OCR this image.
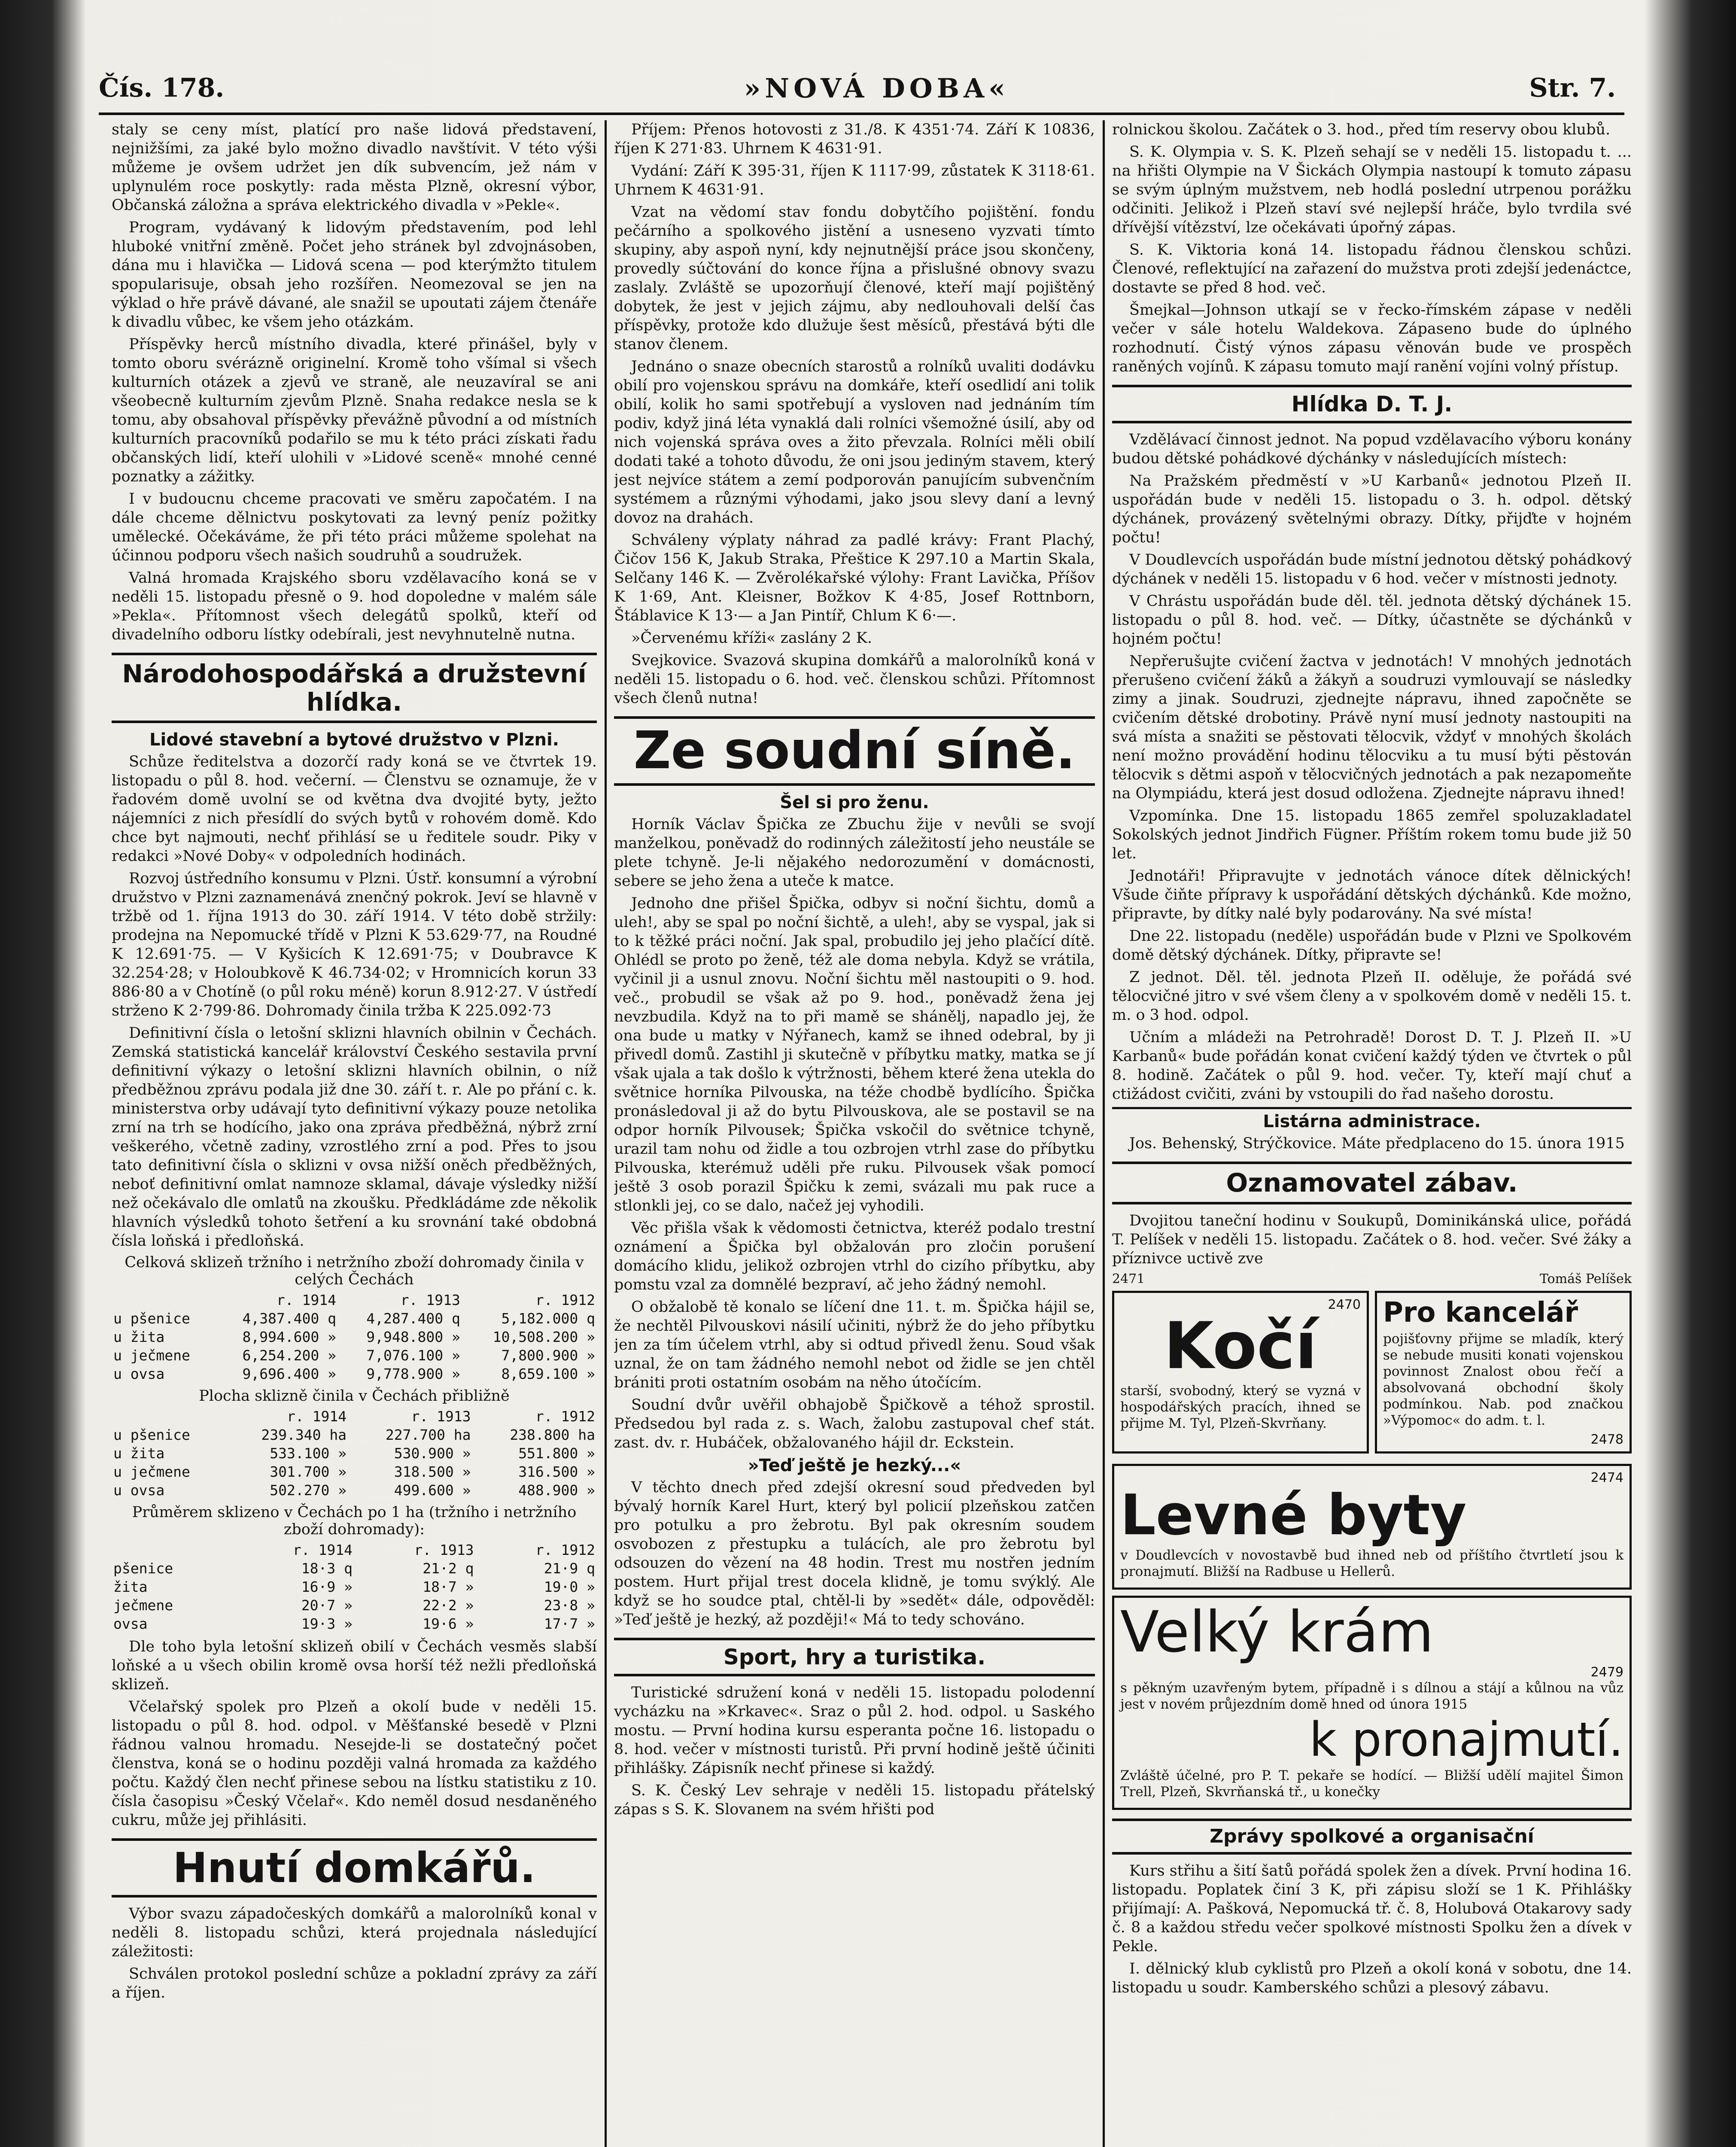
Čís. 178.	»NOVÁ DOBA«	Str. 7.

staly se ceny míst, platící pro naše lidová představení, nejnižšími, za jaké bylo možno divadlo navštívit. V této výši můžeme je ovšem udržet jen dík subvencím, jež nám v uplynulém roce poskytly: rada města Plzně, okresní výbor, Občanská záložna a správa elektrického divadla v »Pekle«.

Program, vydávaný k lidovým představením, pod lehl hluboké vnitřní změně. Počet jeho stránek byl zdvojnásoben, dána mu i hlavička — Lidová scena — pod kterýmžto titulem spopularisuje, obsah jeho rozšířen. Neomezoval se jen na výklad o hře právě dávané, ale snažil se upoutati zájem čtenáře k divadlu vůbec, ke všem jeho otázkám.

Příspěvky herců místního divadla, které přinášel, byly v tomto oboru svérázně originelní. Kromě toho všímal si všech kulturních otázek a zjevů ve straně, ale neuzavíral se ani všeobecně kulturním zjevům Plzně. Snaha redakce nesla se k tomu, aby obsahoval příspěvky převážně původní a od místních kulturních pracovníků podařilo se mu k této práci získati řadu občanských lidí, kteří ulohili v »Lidové sceně« mnohé cenné poznatky a zážitky.

I v budoucnu chceme pracovati ve směru započatém. I na dále chceme dělnictvu poskytovati za levný peníz požitky umělecké. Očekáváme, že při této práci můžeme spolehat na účinnou podporu všech našich soudruhů a soudružek.

Valná hromada Krajského sboru vzdělavacího koná se v neděli 15. listopadu přesně o 9. hod dopoledne v malém sále »Pekla«. Přítomnost všech delegátů spolků, kteří od divadelního odboru lístky odebírali, jest nevyhnutelně nutna.

Národohospodářská a družstevní hlídka.
Lidové stavební a bytové družstvo v Plzni.

Schůze ředitelstva a dozorčí rady koná se ve čtvrtek 19. listopadu o půl 8. hod. večerní. — Členstvu se oznamuje, že v řadovém domě uvolní se od května dva dvojité byty, ježto nájemníci z nich přesídlí do svých bytů v rohovém domě. Kdo chce byt najmouti, nechť přihlásí se u ředitele soudr. Piky v redakci »Nové Doby« v odpoledních hodinách.

Rozvoj ústředního konsumu v Plzni. Ústř. konsumní a výrobní družstvo v Plzni zaznamenává znenčný pokrok. Jeví se hlavně v tržbě od 1. října 1913 do 30. září 1914. V této době stržily: prodejna na Nepomucké třídě v Plzni K 53.629·77, na Roudné K 12.691·75. — V Kyšicích K 12.691·75; v Doubravce K 32.254·28; v Holoubkově K 46.734·02; v Hromnicích korun 33 886·80 a v Chotíně (o půl roku méně) korun 8.912·27. V ústředí strženo K 2·799·86. Dohromady činila tržba K 225.092·73

Definitivní čísla o letošní sklizni hlavních obilnin v Čechách. Zemská statistická kancelář království Českého sestavila první definitivní výkazy o letošní sklizni hlavních obilnin, o níž předběžnou zprávu podala již dne 30. září t. r. Ale po přání c. k. ministerstva orby udávají tyto definitivní výkazy pouze netolika zrní na trh se hodícího, jako ona zpráva předběžná, nýbrž zrní veškerého, včetně zadiny, vzrostlého zrní a pod. Přes to jsou tato definitivní čísla o sklizni v ovsa nižší oněch předběžných, neboť definitivní omlat namnoze sklamal, dávaje výsledky nižší než očekávalo dle omlatů na zkoušku. Předkládáme zde několik hlavních výsledků tohoto šetření a ku srovnání také obdobná čísla loňská i předloňská.

Celková sklizeň tržního i netržního zboží dohromady činila v celých Čechách
	r. 1914	r. 1913	r. 1912
u pšenice	4,387.400 q	4,287.400 q	5,182.000 q
u žita	8,994.600 »	9,948.800 »	10,508.200 »
u ječmene	6,254.200 »	7,076.100 »	7,800.900 »
u ovsa	9,696.400 »	9,778.900 »	8,659.100 »
Plocha sklizně činila v Čechách přibližně
	r. 1914	r. 1913	r. 1912
u pšenice	239.340 ha	227.700 ha	238.800 ha
u žita	533.100 »	530.900 »	551.800 »
u ječmene	301.700 »	318.500 »	316.500 »
u ovsa	502.270 »	499.600 »	488.900 »
Průměrem sklizeno v Čechách po 1 ha (tržního i netržního zboží dohromady):
	r. 1914	r. 1913	r. 1912
pšenice	18·3 q	21·2 q	21·9 q
žita	16·9 »	18·7 »	19·0 »
ječmene	20·7 »	22·2 »	23·8 »
ovsa	19·3 »	19·6 »	17·7 »

Dle toho byla letošní sklizeň obilí v Čechách vesměs slabší loňské a u všech obilin kromě ovsa horší též nežli předloňská sklizeň.

Včelařský spolek pro Plzeň a okolí bude v neděli 15. listopadu o půl 8. hod. odpol. v Měšťanské besedě v Plzni řádnou valnou hromadu. Nesejde-li se dostatečný počet členstva, koná se o hodinu později valná hromada za každého počtu. Každý člen nechť přinese sebou na lístku statistiku z 10. čísla časopisu »Český Včelař«. Kdo neměl dosud nesdaněného cukru, může jej přihlásiti.

Hnutí domkářů.

Výbor svazu západočeských domkářů a malorolníků konal v neděli 8. listopadu schůzi, která projednala následující záležitosti:

Schválen protokol poslední schůze a pokladní zprávy za září a říjen.

Příjem: Přenos hotovosti z 31./8. K 4351·74. Září K 10836, říjen K 271·83. Uhrnem K 4631·91.

Vydání: Září K 395·31, říjen K 1117·99, zůstatek K 3118·61. Uhrnem K 4631·91.

Vzat na vědomí stav fondu dobytčího pojištění. fondu pečárního a spolkového jistění a usneseno vyzvati tímto skupiny, aby aspoň nyní, kdy nejnutnější práce jsou skončeny, provedly súčtování do konce října a přislušné obnovy svazu zaslaly. Zvláště se upozorňují členové, kteří mají pojištěný dobytek, že jest v jejich zájmu, aby nedlouhovali delší čas příspěvky, protože kdo dlužuje šest měsíců, přestává býti dle stanov členem.

Jednáno o snaze obecních starostů a rolníků uvaliti dodávku obilí pro vojenskou správu na domkáře, kteří osedlidí ani tolik obilí, kolik ho sami spotřebují a vysloven nad jednáním tím podiv, když jiná léta vynaklá dali rolníci všemožné úsilí, aby od nich vojenská správa oves a žito převzala. Rolníci měli obilí dodati také a tohoto důvodu, že oni jsou jediným stavem, který jest nejvíce státem a zemí podporován panujícím subvenčním systémem a různými výhodami, jako jsou slevy daní a levný dovoz na drahách.

Schváleny výplaty náhrad za padlé krávy: Frant Plachý, Čičov 156 K, Jakub Straka, Přeštice K 297.10 a Martin Skala, Selčany 146 K. — Zvěrolékařské výlohy: Frant Lavička, Příšov K 1·69, Ant. Kleisner, Božkov K 4·85, Josef Rottnborn, Štáblavice K 13·— a Jan Pintíř, Chlum K 6·—.

»Červenému kříži« zaslány 2 K.

Svejkovice. Svazová skupina domkářů a malorolníků koná v neděli 15. listopadu o 6. hod. več. členskou schůzi. Přítomnost všech členů nutna!

Ze soudní síně.
Šel si pro ženu.

Horník Václav Špička ze Zbuchu žije v nevůli se svojí manželkou, poněvadž do rodinných záležitostí jeho neustále se plete tchyně. Je-li nějakého nedorozumění v domácnosti, sebere se jeho žena a uteče k matce.

Jednoho dne přišel Špička, odbyv si noční šichtu, domů a uleh!, aby se spal po noční šichtě, a uleh!, aby se vyspal, jak si to k těžké práci noční. Jak spal, probudilo jej jeho plačící dítě. Ohlédl se proto po ženě, též ale doma nebyla. Když se vrátila, vyčinil ji a usnul znovu. Noční šichtu měl nastoupiti o 9. hod. več., probudil se však až po 9. hod., poněvadž žena jej nevzbudila. Když na to při mamě se shánělj, napadlo jej, že ona bude u matky v Nýřanech, kamž se ihned odebral, by ji přivedl domů. Zastihl ji skutečně v příbytku matky, matka se jí však ujala a tak došlo k výtržnosti, během které žena utekla do světnice horníka Pilvouska, na téže chodbě bydlícího. Špička pronásledoval ji až do bytu Pilvouskova, ale se postavil se na odpor horník Pilvousek; Špička vskočil do světnice tchyně, urazil tam nohu od židle a tou ozbrojen vtrhl zase do příbytku Pilvouska, kterémuž uděli pře ruku. Pilvousek však pomocí ještě 3 osob porazil Špičku k zemi, svázali mu pak ruce a stlonkli jej, co se dalo, načež jej vyhodili.

Věc přišla však k vědomosti četnictva, kteréž podalo trestní oznámení a Špička byl obžalován pro zločin porušení domácího klidu, jelikož ozbrojen vtrhl do cizího příbytku, aby pomstu vzal za domnělé bezpraví, ač jeho žádný nemohl.

O obžalobě tě konalo se líčení dne 11. t. m. Špička hájil se, že nechtěl Pilvouskovi násilí učiniti, nýbrž že do jeho příbytku jen za tím účelem vtrhl, aby si odtud přivedl ženu. Soud však uznal, že on tam žádného nemohl nebot od židle se jen chtěl brániti proti ostatním osobám na něho útočícím.

Soudní dvůr uvěřil obhajobě Špičkově a téhož sprostil. Předsedou byl rada z. s. Wach, žalobu zastupoval chef stát. zast. dv. r. Hubáček, obžalovaného hájil dr. Eckstein.

»Teď ještě je hezký...«

V těchto dnech před zdejší okresní soud předveden byl bývalý horník Karel Hurt, který byl policií plzeňskou zatčen pro potulku a pro žebrotu. Byl pak okresním soudem osvobozen z přestupku a tulácích, ale pro žebrotu byl odsouzen do vězení na 48 hodin. Trest mu nostřen jedním postem. Hurt přijal trest docela klidně, je tomu svýklý. Ale když se ho soudce ptal, chtěl-li by »sedět« dále, odpověděl: »Teď ještě je hezký, až později!« Má to tedy schováno.

Sport, hry a turistika.

Turistické sdružení koná v neděli 15. listopadu polodenní vycházku na »Krkavec«. Sraz o půl 2. hod. odpol. u Saského mostu. — První hodina kursu esperanta počne 16. listopadu o 8. hod. večer v místnosti turistů. Při první hodině ještě účiniti přihlášky. Zápisník nechť přinese si každý.

S. K. Český Lev sehraje v neděli 15. listopadu přátelský zápas s S. K. Slovanem na svém hřišti pod

rolnickou školou. Začátek o 3. hod., před tím reservy obou klubů.

S. K. Olympia v. S. K. Plzeň sehají se v neděli 15. listopadu t. ... na hřišti Olympie na V Šickách Olympia nastoupí k tomuto zápasu se svým úplným mužstvem, neb hodlá poslední utrpenou porážku odčiniti. Jelikož i Plzeň staví své nejlepší hráče, bylo tvrdila své dřívější vítězství, lze očekávati úpořný zápas.

S. K. Viktoria koná 14. listopadu řádnou členskou schůzi. Členové, reflektující na zařazení do mužstva proti zdejší jedenáctce, dostavte se před 8 hod. več.

Šmejkal—Johnson utkají se v řecko-římském zápase v neděli večer v sále hotelu Waldekova. Zápaseno bude do úplného rozhodnutí. Čistý výnos zápasu věnován bude ve prospěch raněných vojínů. K zápasu tomuto mají ranění vojíni volný přístup.

Hlídka D. T. J.

Vzdělávací činnost jednot. Na popud vzdělavacího výboru konány budou dětské pohádkové dýchánky v následujících místech:

Na Pražském předměstí v »U Karbanů« jednotou Plzeň II. uspořádán bude v neděli 15. listopadu o 3. h. odpol. dětský dýchánek, provázený světelnými obrazy. Dítky, přijďte v hojném počtu!

V Doudlevcích uspořádán bude místní jednotou dětský pohádkový dýchánek v neděli 15. listopadu v 6 hod. večer v místnosti jednoty.

V Chrástu uspořádán bude děl. těl. jednota dětský dýchánek 15. listopadu o půl 8. hod. več. — Dítky, účastněte se dýchánků v hojném počtu!

Nepřerušujte cvičení žactva v jednotách! V mnohých jednotách přerušeno cvičení žáků a žákyň a soudruzi vymlouvají se následky zimy a jinak. Soudruzi, zjednejte nápravu, ihned započněte se cvičením dětské drobotiny. Právě nyní musí jednoty nastoupiti na svá místa a snažiti se pěstovati tělocvik, vždyť v mnohých školách není možno provádění hodinu tělocviku a tu musí býti pěstován tělocvik s dětmi aspoň v tělocvičných jednotách a pak nezapomeňte na Olympiádu, která jest dosud odložena. Zjednejte nápravu ihned!

Vzpomínka. Dne 15. listopadu 1865 zemřel spoluzakladatel Sokolských jednot Jindřich Fügner. Příštím rokem tomu bude již 50 let.

Jednotáři! Připravujte v jednotách vánoce dítek dělnických! Všude čiňte přípravy k uspořádání dětských dýchánků. Kde možno, připravte, by dítky nalé byly podarovány. Na své místa!

Dne 22. listopadu (neděle) uspořádán bude v Plzni ve Spolkovém domě dětský dýchánek. Dítky, připravte se!

Z jednot. Děl. těl. jednota Plzeň II. oděluje, že pořádá své tělocvičné jitro v své všem členy a v spolkovém domě v neděli 15. t. m. o 3 hod. odpol.

Učním a mládeži na Petrohradě! Dorost D. T. J. Plzeň II. »U Karbanů« bude pořádán konat cvičení každý týden ve čtvrtek o půl 8. hodině. Začátek o půl 9. hod. večer. Ty, kteří mají chuť a ctižádost cvičiti, zváni by vstoupili do řad našeho dorostu.

Listárna administrace.

Jos. Behenský, Strýčkovice. Máte předplaceno do 15. února 1915

Oznamovatel zábav.

Dvojitou taneční hodinu v Soukupů, Dominikánská ulice, pořádá T. Pelíšek v neděli 15. listopadu. Začátek o 8. hod. večer. Své žáky a příznivce uctivě zve

2471	Tomáš Pelíšek
2470
Kočí

starší, svobodný, který se vyzná v hospodářských pracích, ihned se přijme M. Tyl, Plzeň-Skvrňany.

Pro kancelář

pojišťovny přijme se mladík, který se nebude musiti konati vojenskou povinnost Znalost obou řečí a absolvovaná obchodní školy podmínkou. Nab. pod značkou »Výpomoc« do adm. t. l.

2478
2474
Levné byty

v Doudlevcích v novostavbě bud ihned neb od příštího čtvrtletí jsou k pronajmutí. Bližší na Radbuse u Hellerů.

Velký krám
2479

s pěkným uzavřeným bytem, případně i s dílnou a stájí a kůlnou na vůz jest v novém průjezdním domě hned od února 1915

k pronajmutí.

Zvláště účelné, pro P. T. pekaře se hodící. — Bližší udělí majitel Šimon Trell, Plzeň, Skvrňanská tř., u konečky

Zprávy spolkové a organisační

Kurs střihu a šití šatů pořádá spolek žen a dívek. První hodina 16. listopadu. Poplatek činí 3 K, při zápisu složí se 1 K. Přihlášky přijímají: A. Pašková, Nepomucká tř. č. 8, Holubová Otakarovy sady č. 8 a každou středu večer spolkové místnosti Spolku žen a dívek v Pekle.

I. dělnický klub cyklistů pro Plzeň a okolí koná v sobotu, dne 14. listopadu u soudr. Kamberského schůzi a plesový zábavu.
